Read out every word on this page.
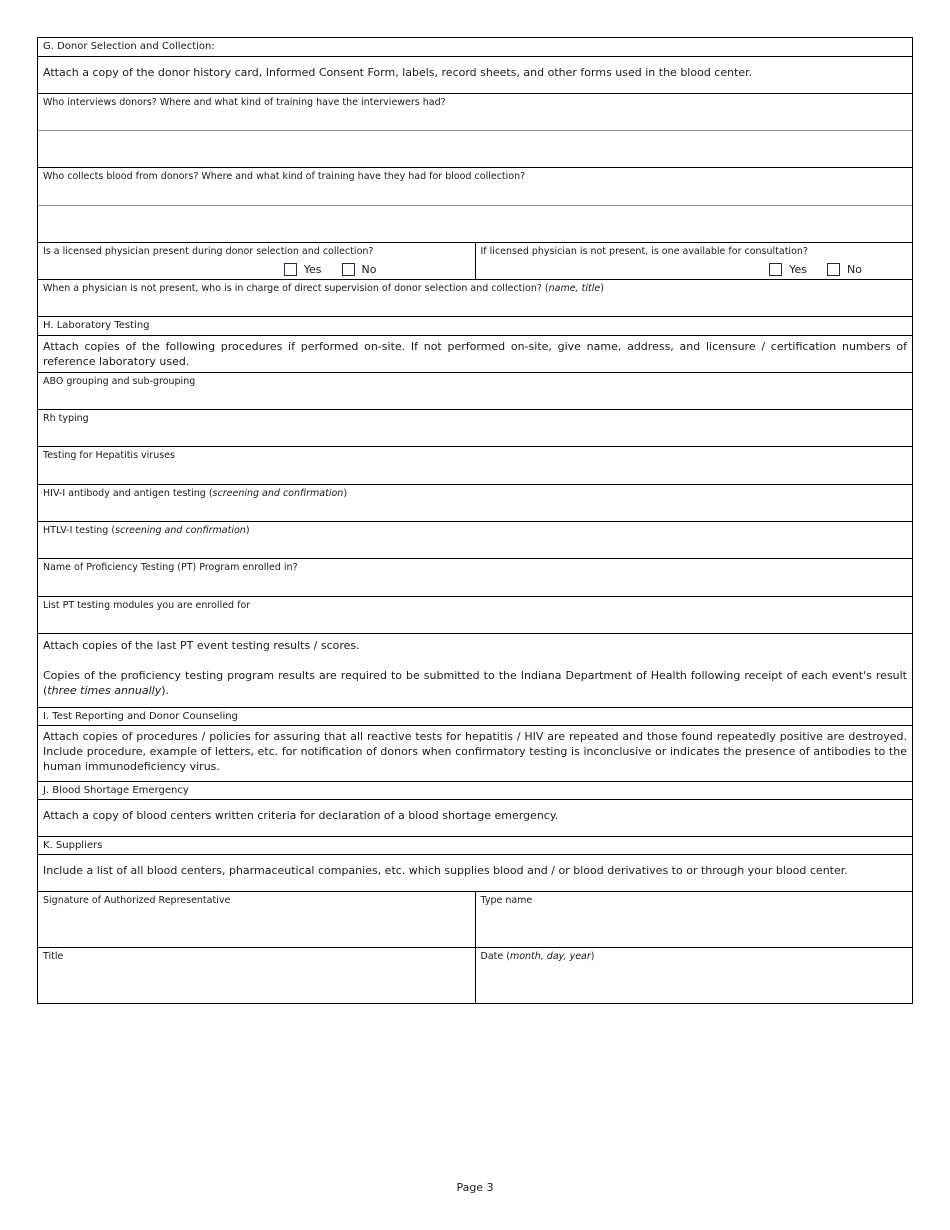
G. Donor Selection and Collection:
Attach a copy of the donor history card, Informed Consent Form, labels, record sheets, and other forms used in the blood center.
Who interviews donors? Where and what kind of training have the interviewers had?
Who collects blood from donors? Where and what kind of training have they had for blood collection?
Is a licensed physician present during donor selection and collection?
Yes	No
If licensed physician is not present, is one available for consultation?
Yes	No
When a physician is not present, who is in charge of direct supervision of donor selection and collection? (name, title)
H. Laboratory Testing
Attach copies of the following procedures if performed on-site. If not performed on-site, give name, address, and licensure / certification numbers of reference laboratory used.
ABO grouping and sub-grouping
Rh typing
Testing for Hepatitis viruses
HIV-I antibody and antigen testing (screening and confirmation)
HTLV-I testing (screening and confirmation)
Name of Proficiency Testing (PT) Program enrolled in?
List PT testing modules you are enrolled for
Attach copies of the last PT event testing results / scores.
Copies of the proficiency testing program results are required to be submitted to the Indiana Department of Health following receipt of each event's result (three times annually).
I. Test Reporting and Donor Counseling
Attach copies of procedures / policies for assuring that all reactive tests for hepatitis / HIV are repeated and those found repeatedly positive are destroyed. Include procedure, example of letters, etc. for notification of donors when confirmatory testing is inconclusive or indicates the presence of antibodies to the human immunodeficiency virus.
J. Blood Shortage Emergency
Attach a copy of blood centers written criteria for declaration of a blood shortage emergency.
K. Suppliers
Include a list of all blood centers, pharmaceutical companies, etc. which supplies blood and / or blood derivatives to or through your blood center.
Signature of Authorized Representative	Type name
Title	Date (month, day, year)
Page 3
